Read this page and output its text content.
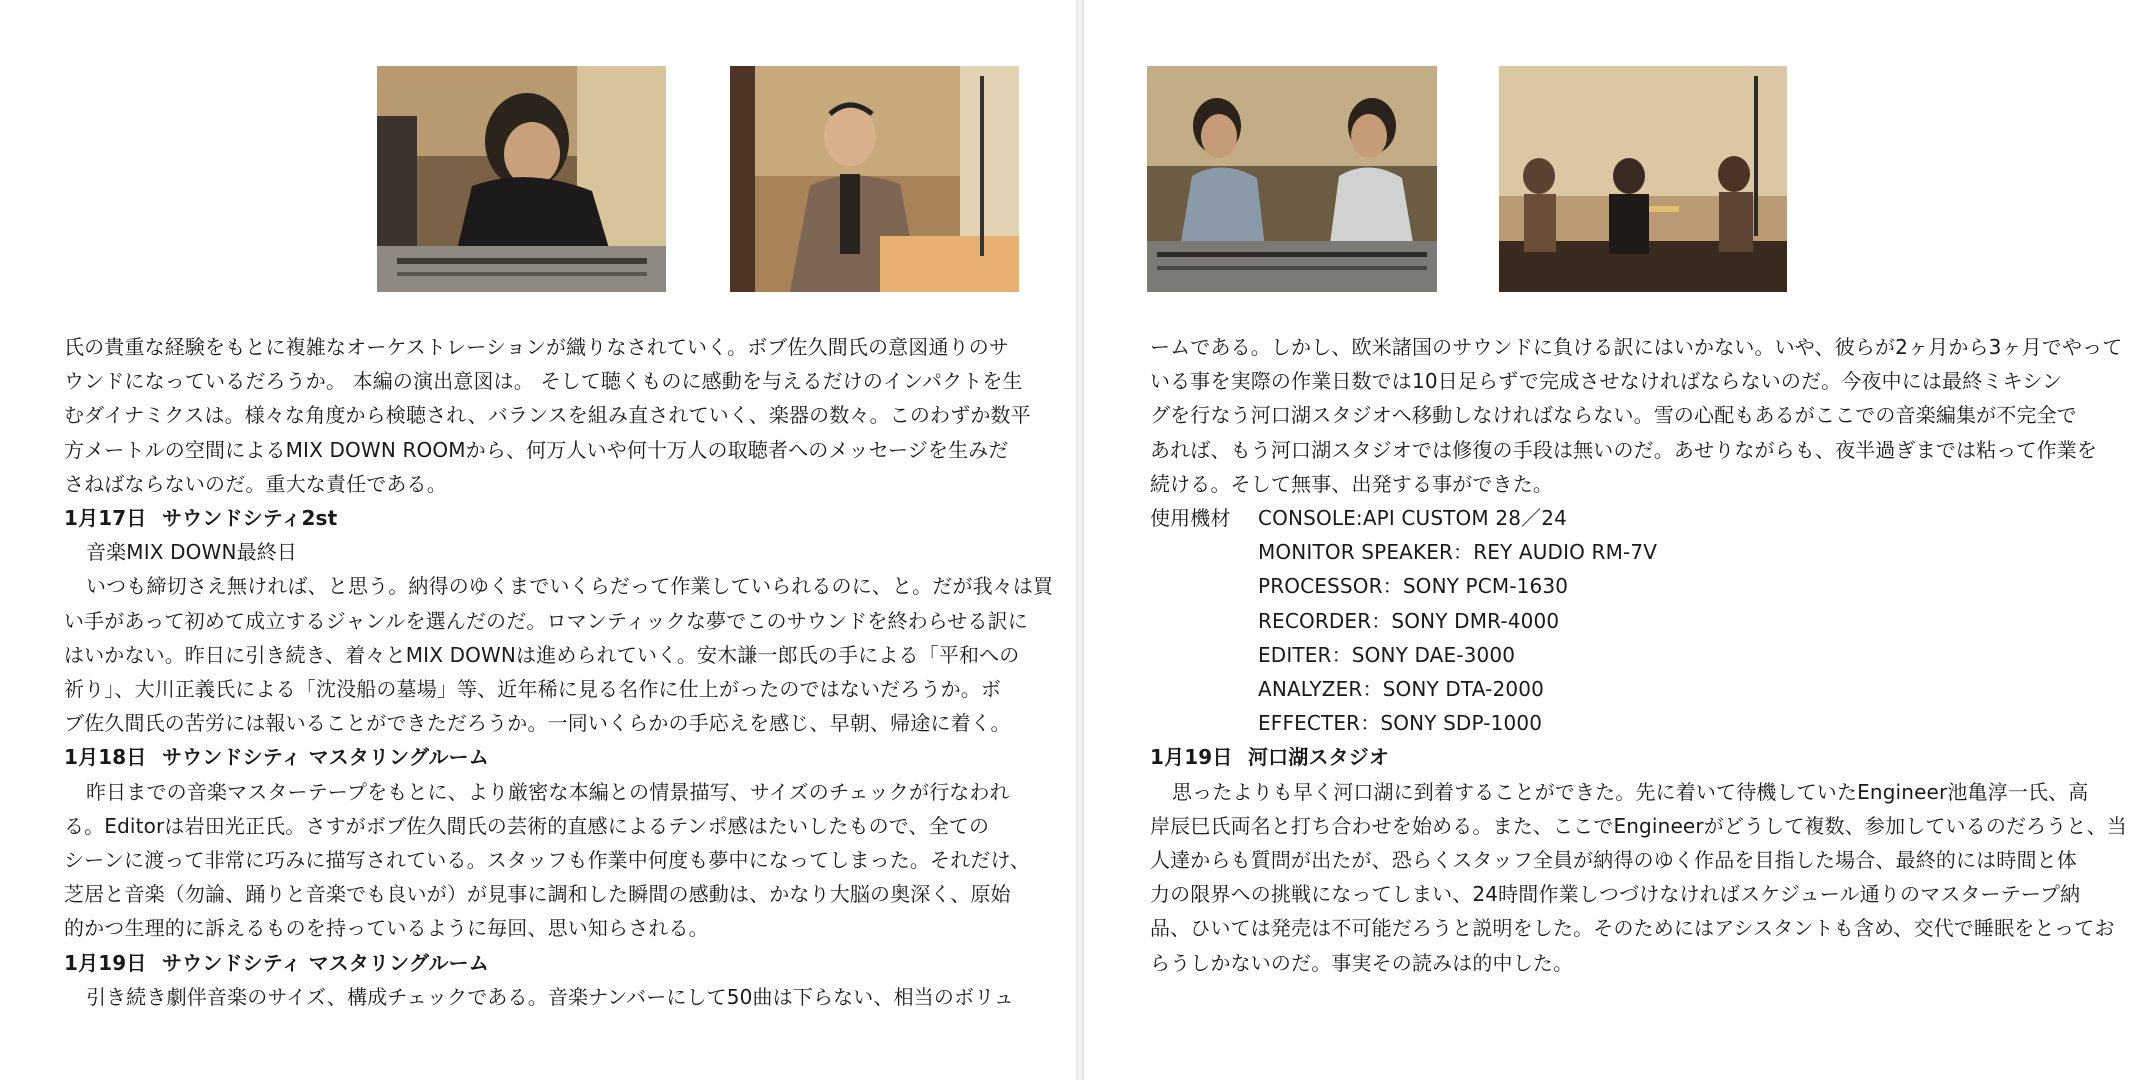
氏の貴重な経験をもとに複雑なオーケストレーションが織りなされていく。ボブ佐久間氏の意図通りのサ
ウンドになっているだろうか。 本編の演出意図は。 そして聴くものに感動を与えるだけのインパクトを生
むダイナミクスは。様々な角度から検聴され、バランスを組み直されていく、楽器の数々。このわずか数平
方メートルの空間によるMIX DOWN ROOMから、何万人いや何十万人の取聴者へのメッセージを生みだ
さねばならないのだ。重大な責任である。
1月17日 サウンドシティ2st
音楽MIX DOWN最終日
いつも締切さえ無ければ、と思う。納得のゆくまでいくらだって作業していられるのに、と。だが我々は買
い手があって初めて成立するジャンルを選んだのだ。ロマンティックな夢でこのサウンドを終わらせる訳に
はいかない。昨日に引き続き、着々とMIX DOWNは進められていく。安木謙一郎氏の手による「平和への
祈り」、大川正義氏による「沈没船の墓場」等、近年稀に見る名作に仕上がったのではないだろうか。ボ
ブ佐久間氏の苦労には報いることができただろうか。一同いくらかの手応えを感じ、早朝、帰途に着く。
1月18日 サウンドシティ マスタリングルーム
昨日までの音楽マスターテープをもとに、より厳密な本編との情景描写、サイズのチェックが行なわれ
る。Editorは岩田光正氏。さすがボブ佐久間氏の芸術的直感によるテンポ感はたいしたもので、全ての
シーンに渡って非常に巧みに描写されている。スタッフも作業中何度も夢中になってしまった。それだけ、
芝居と音楽（勿論、踊りと音楽でも良いが）が見事に調和した瞬間の感動は、かなり大脳の奥深く、原始
的かつ生理的に訴えるものを持っているように毎回、思い知らされる。
1月19日 サウンドシティ マスタリングルーム
引き続き劇伴音楽のサイズ、構成チェックである。音楽ナンバーにして50曲は下らない、相当のボリュ
ームである。しかし、欧米諸国のサウンドに負ける訳にはいかない。いや、彼らが2ヶ月から3ヶ月でやって
いる事を実際の作業日数では10日足らずで完成させなければならないのだ。今夜中には最終ミキシン
グを行なう河口湖スタジオへ移動しなければならない。雪の心配もあるがここでの音楽編集が不完全で
あれば、もう河口湖スタジオでは修復の手段は無いのだ。あせりながらも、夜半過ぎまでは粘って作業を
続ける。そして無事、出発する事ができた。
使用機材	CONSOLE:API CUSTOM 28／24
MONITOR SPEAKER：REY AUDIO RM-7V
PROCESSOR：SONY PCM-1630
RECORDER：SONY DMR-4000
EDITER：SONY DAE-3000
ANALYZER：SONY DTA-2000
EFFECTER：SONY SDP-1000
1月19日 河口湖スタジオ
思ったよりも早く河口湖に到着することができた。先に着いて待機していたEngineer池亀淳一氏、高
岸辰巳氏両名と打ち合わせを始める。また、ここでEngineerがどうして複数、参加しているのだろうと、当
人達からも質問が出たが、恐らくスタッフ全員が納得のゆく作品を目指した場合、最終的には時間と体
力の限界への挑戦になってしまい、24時間作業しつづけなければスケジュール通りのマスターテープ納
品、ひいては発売は不可能だろうと説明をした。そのためにはアシスタントも含め、交代で睡眠をとってお
らうしかないのだ。事実その読みは的中した。
